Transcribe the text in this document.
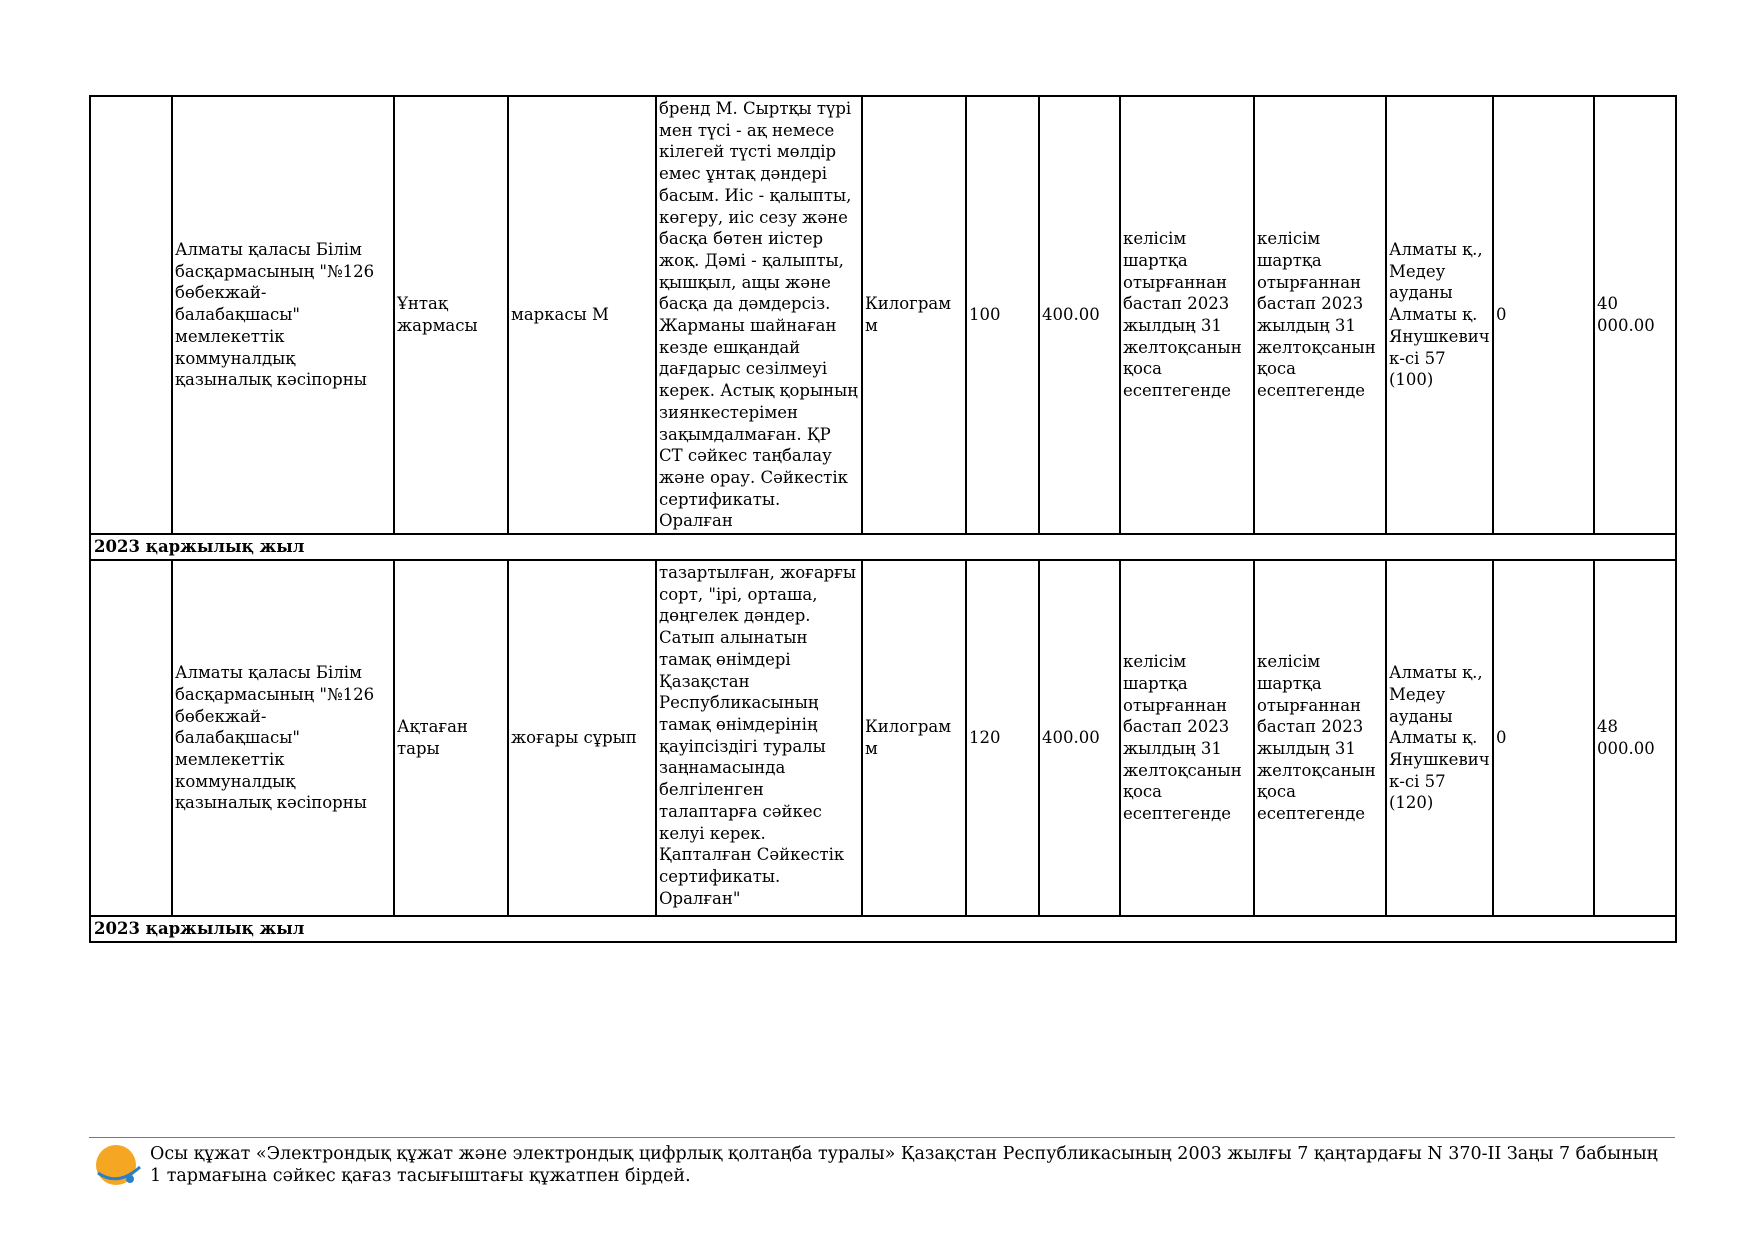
	Алматы қаласы Білім басқармасының "№126 бөбекжай-балабақшасы" мемлекеттік коммуналдық қазыналық кәсіпорны	Ұнтақ жармасы	маркасы М	бренд М. Сыртқы түрі мен түсі - ақ немесе кілегей түсті мөлдір емес ұнтақ дәндері басым. Иіс - қалыпты, көгеру, иіс сезу және басқа бөтен иістер жоқ. Дәмі - қалыпты, қышқыл, ащы және басқа да дәмдерсіз. Жарманы шайнаған кезде ешқандай дағдарыс сезілмеуі керек. Астық қорының зиянкестерімен зақымдалмаған. ҚР СТ сәйкес таңбалау және орау. Сәйкестік сертификаты. Оралған	Килограмм	100	400.00	келісім шартқа отырғаннан бастап 2023 жылдың 31 желтоқсанын қоса есептегенде	келісім шартқа отырғаннан бастап 2023 жылдың 31 желтоқсанын қоса есептегенде	Алматы қ., Медеу ауданы Алматы қ. Янушкевич к-сі 57 (100)	0	40 000.00
2023 қаржылық жыл												
	Алматы қаласы Білім басқармасының "№126 бөбекжай-балабақшасы" мемлекеттік коммуналдық қазыналық кәсіпорны	Ақтаған тары	жоғары сұрып	тазартылған, жоғарғы сорт, "ірі, орташа, дөңгелек дәндер. Сатып алынатын тамақ өнімдері Қазақстан Республикасының тамақ өнімдерінің қауіпсіздігі туралы заңнамасында белгіленген талаптарға сәйкес келуі керек. Қапталған Сәйкестік сертификаты. Оралған"	Килограмм	120	400.00	келісім шартқа отырғаннан бастап 2023 жылдың 31 желтоқсанын қоса есептегенде	келісім шартқа отырғаннан бастап 2023 жылдың 31 желтоқсанын қоса есептегенде	Алматы қ., Медеу ауданы Алматы қ. Янушкевич к-сі 57 (120)	0	48 000.00
2023 қаржылық жыл												
Осы құжат «Электрондық құжат және электрондық цифрлық қолтаңба туралы» Қазақстан Республикасының 2003 жылғы 7 қаңтардағы N 370-II Заңы 7 бабының 1 тармағына сәйкес қағаз тасығыштағы құжатпен бірдей.
